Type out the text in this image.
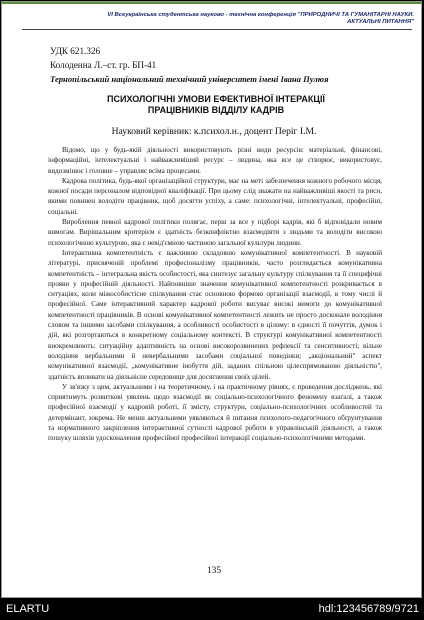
VI Всеукраїнська студентська науково - технічна конференція "ПРИРОДНИЧІ ТА ГУМАНІТАРНІ НАУКИ.
АКТУАЛЬНІ ПИТАННЯ"
УДК 621.326
Колоденна Л.–ст. гр. БП-41
Тернопільський національний технічний університет імені Івана Пулюя
ПСИХОЛОГІЧНІ УМОВИ ЕФЕКТИВНОЇ ІНТЕРАКЦІЇ
ПРАЦІВНИКІВ ВІДДІЛУ КАДРІВ
Науковий керівник: к.психол.н., доцент Періг І.М.

Відомо, що у будь-якій діяльності використовують різні види ресурсів: матеріальні, фінансові, інформаційні, інтелектуальні і найважливіший ресурс – людина, яка все це створює, використовує, видозмінює і головне – управляє всіма процесами.

Кадрова політика, будь-якої організаційної структури, має на меті забезпечення кожного робочого місця, кожної посади персоналом відповідної кваліфікації. При цьому слід зважати на найважливіші якості та риси, якими повинен володіти працівник, щоб досягти успіху, а саме: психологічні, інтелектуальні, професійні, соціальні.

Вироблення певної кадрової політики полягає, перш за все у підборі кадрів, які б відповідали новим вимогам. Вирішальним критерієм є здатність безконфліктно взаємодіяти з людьми та володіти високою психологічною культурою, яка є невід'ємною частиною загальної культури людини.

Інтерактивна компетентність є важливою складовою комунікативної компетентності. В науковій літературі, присвяченій проблемі професіоналізму працівників, часто розглядається комунікативна компетентність – інтегральна якість особистості, яка синтезує загальну культуру спілкування та її специфічні прояви у професійній діяльності. Найповніше значення комунікативної компетентності розкривається в ситуаціях, коли міжособистісне спілкування стає основною формою організації взаємодії, в тому числі й професійної. Саме інтерактивний характер кадрової роботи висуває високі вимоги до комунікативної компетентності працівників. В основі комунікативної компетентності лежить не просто досконале володіння словом та іншими засобами спілкування, а особливості особистості в цілому: в єдності її почуттів, думок і дій, які розгортаються в конкретному соціальному контексті. В структурі комунікативної компетентності виокремлюють: ситуаційну адаптивність на основі високорозвинених рефлексії та сенситивності; вільне володіння вербальними й невербальними засобами соціальної поведінки; „акціональний" аспект комунікативної взаємодії, „комунікативне інобуття дій, заданих спільною цілеспрямованою діяльністю", здатність впливати на діяльнісне середовище для досягнення своїх цілей.

У зв'язку з цим, актуальними і на теоретичному, і на практичному рівнях, є проведення досліджень, які сприятимуть розвиткові уявлень щодо взаємодії як соціально-психологічного феномену взагалі, а також професійної взаємодії у кадровій роботі, її змісту, структури, соціально-психологічних особливостей та детермінант, зокрема. Не менш актуальними уявляються й питання психолого-педагогічного обґрунтування та нормативного закріплення інтерактивної сутності кадрової роботи в управлінській діяльності, а також пошуку шляхів удосконалення професійної професійної інтеракції соціально-психологічними методами.

135
ELARTU	hdl:123456789/9721
